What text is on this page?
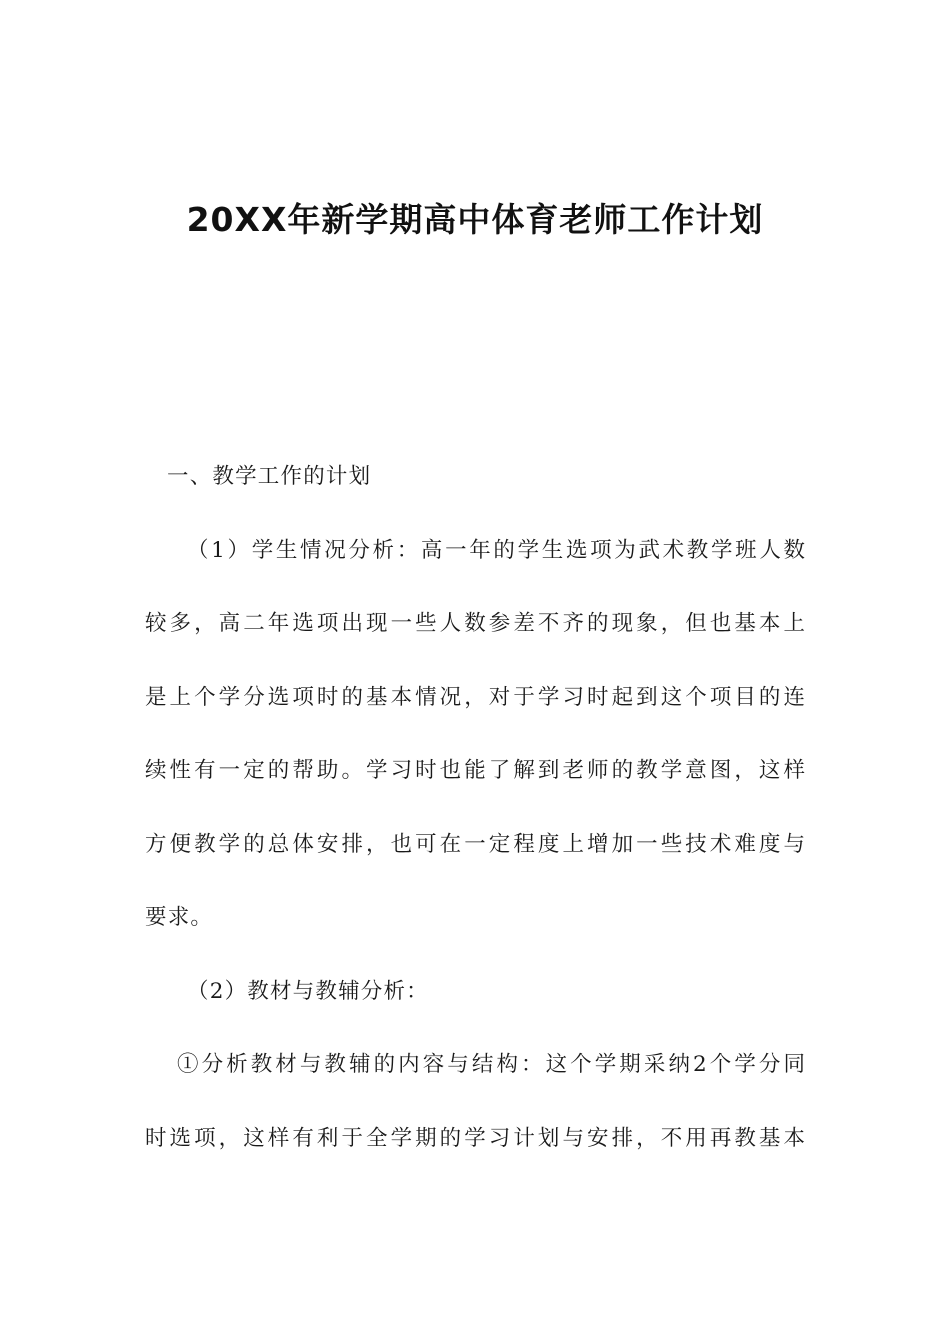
20XX年新学期高中体育老师工作计划
一、教学工作的计划
（1）学生情况分析：高一年的学生选项为武术教学班人数
较多，高二年选项出现一些人数参差不齐的现象，但也基本上
是上个学分选项时的基本情况，对于学习时起到这个项目的连
续性有一定的帮助。学习时也能了解到老师的教学意图，这样
方便教学的总体安排，也可在一定程度上增加一些技术难度与
要求。
（2）教材与教辅分析：
①分析教材与教辅的内容与结构：这个学期采纳2个学分同
时选项，这样有利于全学期的学习计划与安排，不用再教基本
